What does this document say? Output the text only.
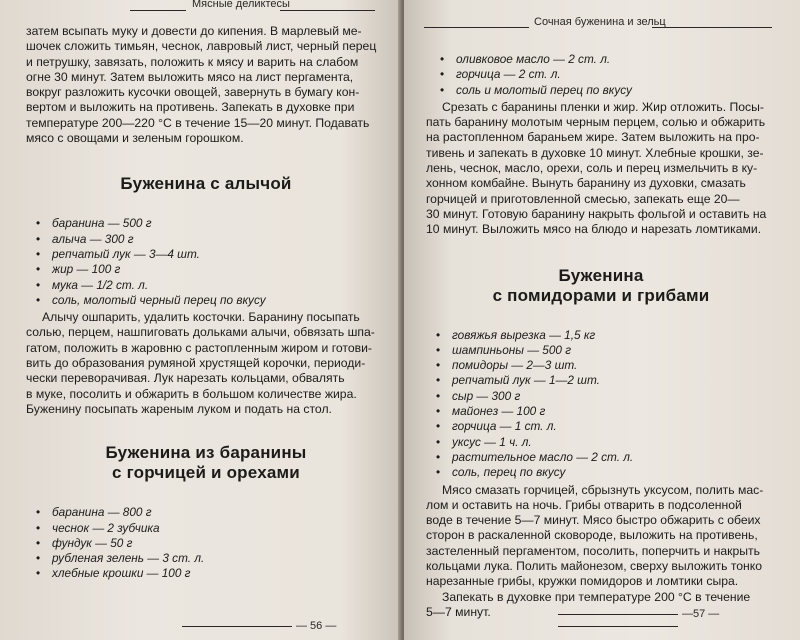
Мясные деликтесы

затем всыпать муку и довести до кипения. В марлевый ме-
шочек сложить тимьян, чеснок, лавровый лист, черный перец
и петрушку, завязать, положить к мясу и варить на слабом
огне 30 минут. Затем выложить мясо на лист пергамента,
вокруг разложить кусочки овощей, завернуть в бумагу кон-
вертом и выложить на противень. Запекать в духовке при
температуре 200—220 °С в течение 15—20 минут. Подавать
мясо с овощами и зеленым горошком.

Буженина с алычой
• баранина — 500 г
• алыча — 300 г
• репчатый лук — 3—4 шт.
• жир — 100 г
• мука — 1/2 ст. л.
• соль, молотый черный перец по вкусу

Алычу ошпарить, удалить косточки. Баранину посыпать
солью, перцем, нашпиговать дольками алычи, обвязать шпа-
гатом, положить в жаровню с растопленным жиром и готови-
вить до образования румяной хрустящей корочки, периоди-
чески переворачивая. Лук нарезать кольцами, обвалять
в муке, посолить и обжарить в большом количестве жира.
Буженину посыпать жареным луком и подать на стол.

Буженина из баранины
с горчицей и орехами
• баранина — 800 г
• чеснок — 2 зубчика
• фундук — 50 г
• рубленая зелень — 3 ст. л.
• хлебные крошки — 100 г
— 56 —
Сочная буженина и зельц
• оливковое масло — 2 ст. л.
• горчица — 2 ст. л.
• соль и молотый перец по вкусу

Срезать с баранины пленки и жир. Жир отложить. Посы-
пать баранину молотым черным перцем, солью и обжарить
на растопленном бараньем жире. Затем выложить на про-
тивень и запекать в духовке 10 минут. Хлебные крошки, зе-
лень, чеснок, масло, орехи, соль и перец измельчить в ку-
хонном комбайне. Вынуть баранину из духовки, смазать
горчицей и приготовленной смесью, запекать еще 20—
30 минут. Готовую баранину накрыть фольгой и оставить на
10 минут. Выложить мясо на блюдо и нарезать ломтиками.

Буженина
с помидорами и грибами
• говяжья вырезка — 1,5 кг
• шампиньоны — 500 г
• помидоры — 2—3 шт.
• репчатый лук — 1—2 шт.
• сыр — 300 г
• майонез — 100 г
• горчица — 1 ст. л.
• уксус — 1 ч. л.
• растительное масло — 2 ст. л.
• соль, перец по вкусу

Мясо смазать горчицей, сбрызнуть уксусом, полить мас-
лом и оставить на ночь. Грибы отварить в подсоленной
воде в течение 5—7 минут. Мясо быстро обжарить с обеих
сторон в раскаленной сковороде, выложить на противень,
застеленный пергаментом, посолить, поперчить и накрыть
кольцами лука. Полить майонезом, сверху выложить тонко
нарезанные грибы, кружки помидоров и ломтики сыра.
Запекать в духовке при температуре 200 °С в течение
5—7 минут.	—57 —
